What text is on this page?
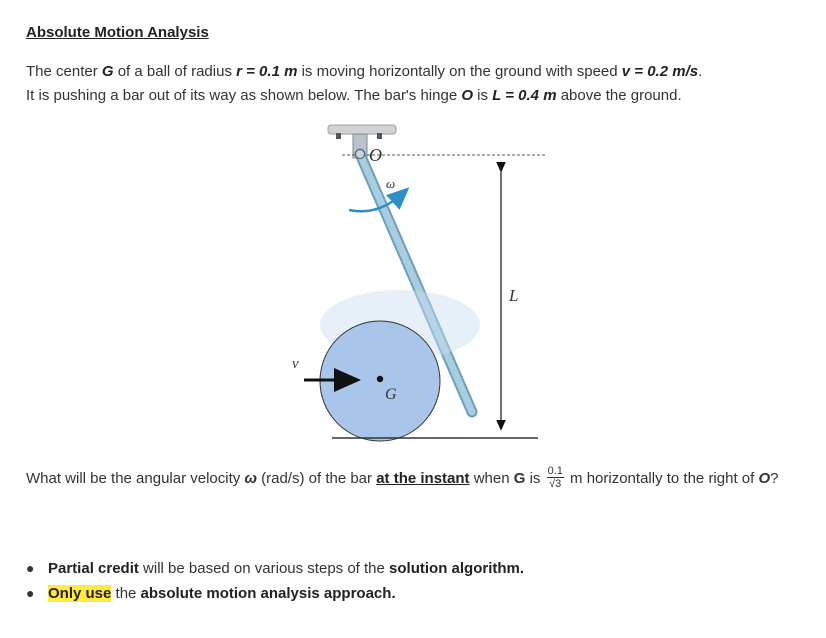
Absolute Motion Analysis
The center G of a ball of radius r = 0.1 m is moving horizontally on the ground with speed v = 0.2 m/s.
It is pushing a bar out of its way as shown below. The bar's hinge O is L = 0.4 m above the ground.
O
ω
G
v⃗
L
What will be the angular velocity ω (rad/s) of the bar at the instant when G is $\frac{0.1}{√3}$ m horizontally to the right of O?
● Partial credit will be based on various steps of the solution algorithm.
● Only use the absolute motion analysis approach.
